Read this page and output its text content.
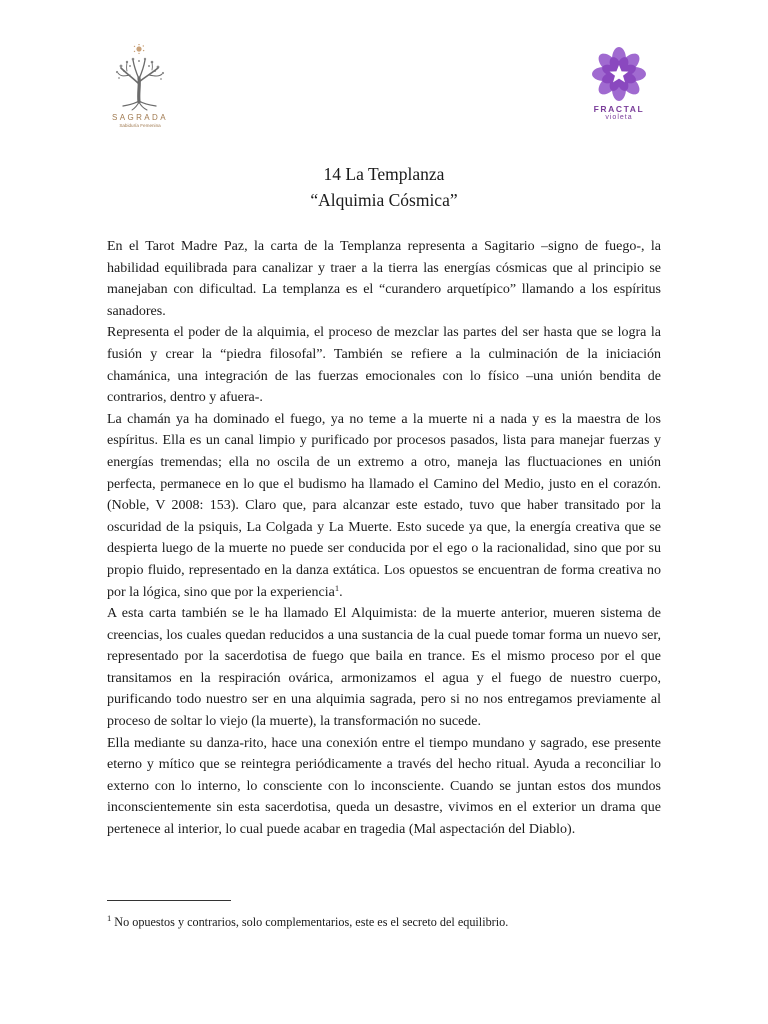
SAGRADA
Sabiduría Femenina
FRACTAL
violeta
14 La Templanza
“Alquimia Cósmica”

En el Tarot Madre Paz, la carta de la Templanza representa a Sagitario –signo de fuego-, la habilidad equilibrada para canalizar y traer a la tierra las energías cósmicas que al principio se manejaban con dificultad. La templanza es el “curandero arquetípico” llamando a los espíritus sanadores.

Representa el poder de la alquimia, el proceso de mezclar las partes del ser hasta que se logra la fusión y crear la “piedra filosofal”. También se refiere a la culminación de la iniciación chamánica, una integración de las fuerzas emocionales con lo físico –una unión bendita de contrarios, dentro y afuera-.

La chamán ya ha dominado el fuego, ya no teme a la muerte ni a nada y es la maestra de los espíritus. Ella es un canal limpio y purificado por procesos pasados, lista para manejar fuerzas y energías tremendas; ella no oscila de un extremo a otro, maneja las fluctuaciones en unión perfecta, permanece en lo que el budismo ha llamado el Camino del Medio, justo en el corazón. (Noble, V 2008: 153). Claro que, para alcanzar este estado, tuvo que haber transitado por la oscuridad de la psiquis, La Colgada y La Muerte. Esto sucede ya que, la energía creativa que se despierta luego de la muerte no puede ser conducida por el ego o la racionalidad, sino que por su propio fluido, representado en la danza extática. Los opuestos se encuentran de forma creativa no por la lógica, sino que por la experiencia$^1$.

A esta carta también se le ha llamado El Alquimista: de la muerte anterior, mueren sistema de creencias, los cuales quedan reducidos a una sustancia de la cual puede tomar forma un nuevo ser, representado por la sacerdotisa de fuego que baila en trance. Es el mismo proceso por el que transitamos en la respiración ovárica, armonizamos el agua y el fuego de nuestro cuerpo, purificando todo nuestro ser en una alquimia sagrada, pero si no nos entregamos previamente al proceso de soltar lo viejo (la muerte), la transformación no sucede.

Ella mediante su danza-rito, hace una conexión entre el tiempo mundano y sagrado, ese presente eterno y mítico que se reintegra periódicamente a través del hecho ritual. Ayuda a reconciliar lo externo con lo interno, lo consciente con lo inconsciente. Cuando se juntan estos dos mundos inconscientemente sin esta sacerdotisa, queda un desastre, vivimos en el exterior un drama que pertenece al interior, lo cual puede acabar en tragedia (Mal aspectación del Diablo).

$^1$ No opuestos y contrarios, solo complementarios, este es el secreto del equilibrio.
